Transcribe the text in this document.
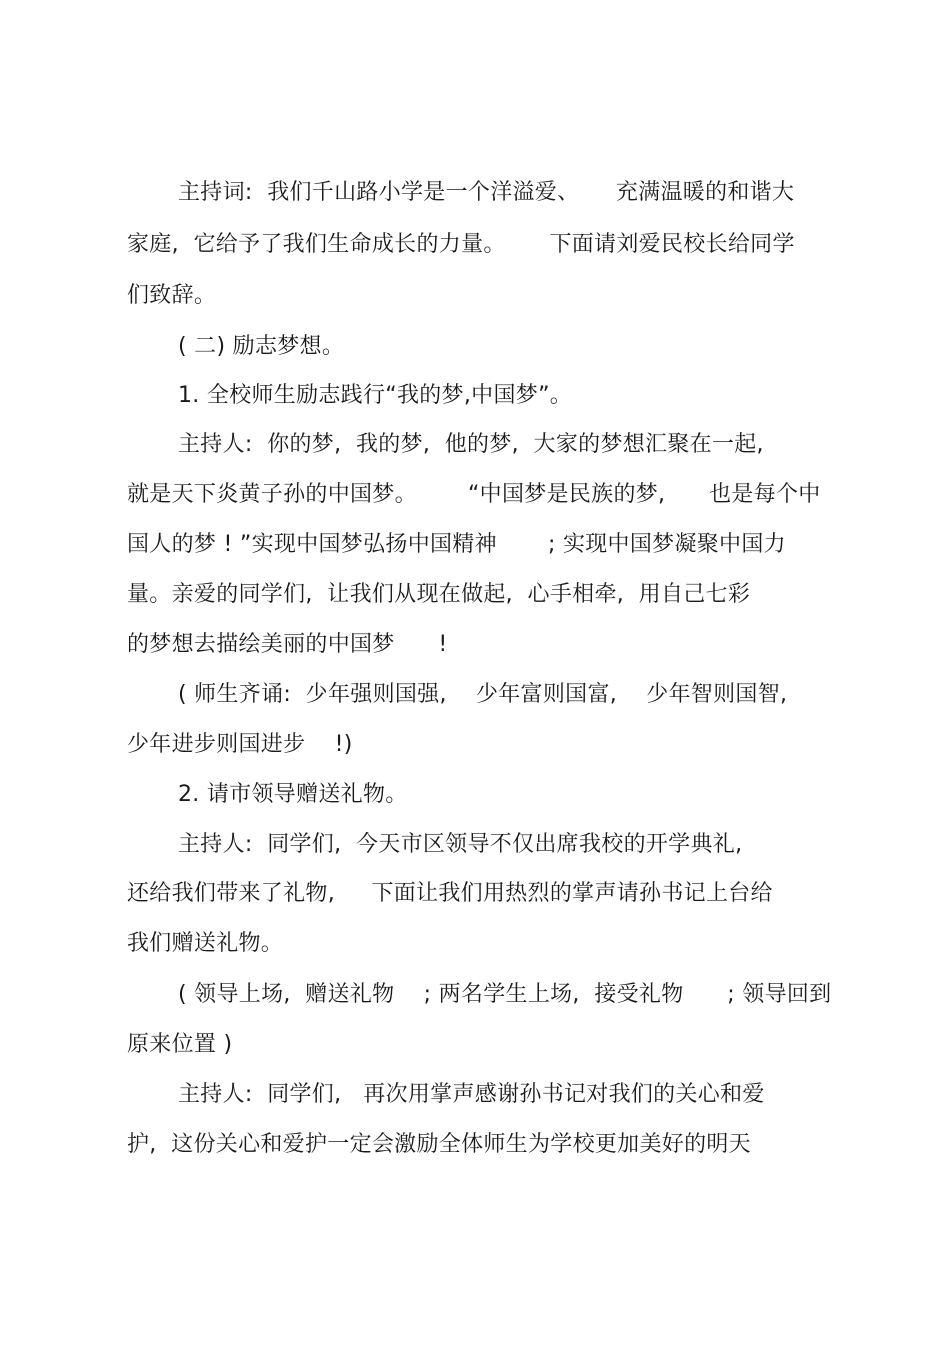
主持词:  我们千山路小学是一个洋溢爱、     充满温暖的和谐大
家庭,  它给予了我们生命成长的力量。      下面请刘爱民校长给同学
们致辞。
( 二) 励志梦想。
1. 全校师生励志践行“我的梦,中国梦”。
主持人:  你的梦,  我的梦,  他的梦,  大家的梦想汇聚在一起,
就是天下炎黄子孙的中国梦。       “中国梦是民族的梦,      也是每个中
国人的梦 ! ”实现中国梦弘扬中国精神       ; 实现中国梦凝聚中国力
量。亲爱的同学们,  让我们从现在做起,  心手相牵,  用自己七彩
的梦想去描绘美丽的中国梦      !
( 师生齐诵:  少年强则国强,    少年富则国富,    少年智则国智,
少年进步则国进步    !)
2. 请市领导赠送礼物。
主持人:  同学们,  今天市区领导不仅出席我校的开学典礼,
还给我们带来了礼物,     下面让我们用热烈的掌声请孙书记上台给
我们赠送礼物。
( 领导上场,  赠送礼物    ; 两名学生上场,  接受礼物      ; 领导回到
原来位置 )
主持人:  同学们,   再次用掌声感谢孙书记对我们的关心和爱
护,  这份关心和爱护一定会激励全体师生为学校更加美好的明天
